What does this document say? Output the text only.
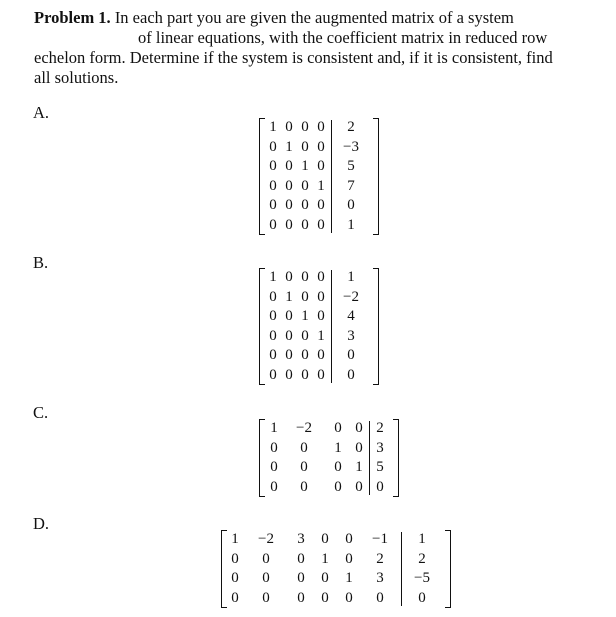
Problem 1. In each part you are given the augmented matrix of a system
of linear equations, with the coefficient matrix in reduced row
echelon form. Determine if the system is consistent and, if it is consistent, find
all solutions.
A.
1	0	0	0	2
0	1	0	0	−3
0	0	1	0	5
0	0	0	1	7
0	0	0	0	0
0	0	0	0	1
B.
1	0	0	0	1
0	1	0	0	−2
0	0	1	0	4
0	0	0	1	3
0	0	0	0	0
0	0	0	0	0
C.
1	−2	0	0	2
0	0	1	0	3
0	0	0	1	5
0	0	0	0	0
D.
1	−2	3	0	0	−1	1
0	0	0	1	0	2	2
0	0	0	0	1	3	−5
0	0	0	0	0	0	0
